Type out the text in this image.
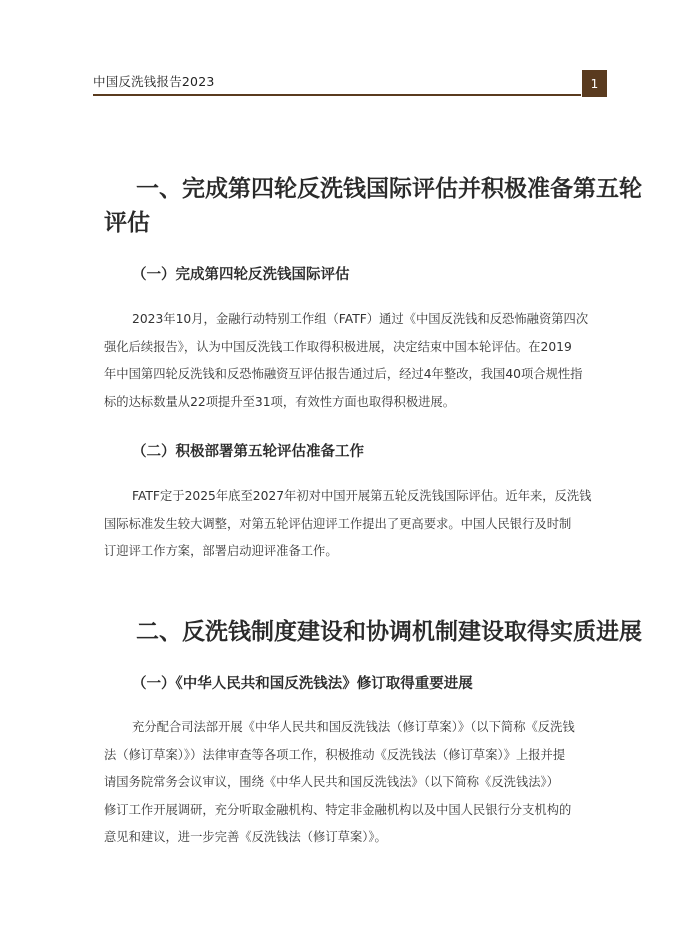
中国反洗钱报告2023	1
一、完成第四轮反洗钱国际评估并积极准备第五轮
评估
（一）完成第四轮反洗钱国际评估
2023年10月，金融行动特别工作组（FATF）通过《中国反洗钱和反恐怖融资第四次
强化后续报告》，认为中国反洗钱工作取得积极进展，决定结束中国本轮评估。在2019
年中国第四轮反洗钱和反恐怖融资互评估报告通过后，经过4年整改，我国40项合规性指
标的达标数量从22项提升至31项，有效性方面也取得积极进展。
（二）积极部署第五轮评估准备工作
FATF定于2025年底至2027年初对中国开展第五轮反洗钱国际评估。近年来，反洗钱
国际标准发生较大调整，对第五轮评估迎评工作提出了更高要求。中国人民银行及时制
订迎评工作方案，部署启动迎评准备工作。
二、反洗钱制度建设和协调机制建设取得实质进展
（一）《中华人民共和国反洗钱法》修订取得重要进展
充分配合司法部开展《中华人民共和国反洗钱法（修订草案）》（以下简称《反洗钱
法（修订草案）》）法律审查等各项工作，积极推动《反洗钱法（修订草案）》上报并提
请国务院常务会议审议，围绕《中华人民共和国反洗钱法》（以下简称《反洗钱法》）
修订工作开展调研，充分听取金融机构、特定非金融机构以及中国人民银行分支机构的
意见和建议，进一步完善《反洗钱法（修订草案）》。
